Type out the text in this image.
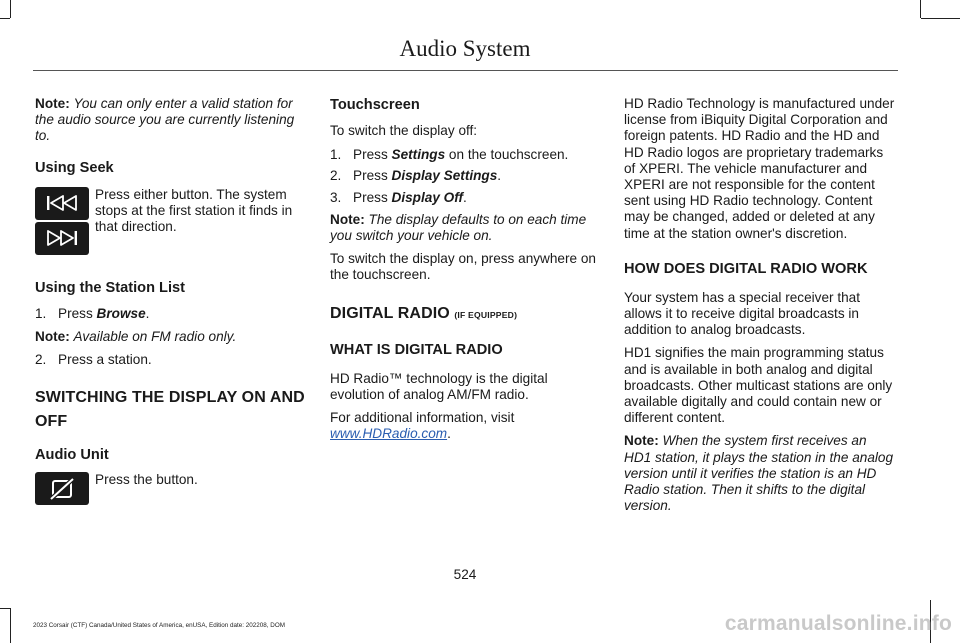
Audio System

Note: You can only enter a valid station for the audio source you are currently listening to.

Using Seek
Press either button. The system stops at the first station it finds in that direction.
Using the Station List
1. Press Browse.

Note: Available on FM radio only.

2. Press a station.
SWITCHING THE DISPLAY ON AND OFF
Audio Unit
Press the button.
Touchscreen

To switch the display off:

1. Press Settings on the touchscreen.
2. Press Display Settings.
3. Press Display Off.

Note: The display defaults to on each time you switch your vehicle on.

To switch the display on, press anywhere on the touchscreen.

DIGITAL RADIO (IF EQUIPPED)
WHAT IS DIGITAL RADIO

HD Radio™ technology is the digital evolution of analog AM/FM radio.

For additional information, visit www.HDRadio.com.

HD Radio Technology is manufactured under license from iBiquity Digital Corporation and foreign patents. HD Radio and the HD and HD Radio logos are proprietary trademarks of XPERI. The vehicle manufacturer and XPERI are not responsible for the content sent using HD Radio technology. Content may be changed, added or deleted at any time at the station owner's discretion.

HOW DOES DIGITAL RADIO WORK

Your system has a special receiver that allows it to receive digital broadcasts in addition to analog broadcasts.

HD1 signifies the main programming status and is available in both analog and digital broadcasts. Other multicast stations are only available digitally and could contain new or different content.

Note: When the system first receives an HD1 station, it plays the station in the analog version until it verifies the station is an HD Radio station. Then it shifts to the digital version.

524
2023 Corsair (CTF) Canada/United States of America, enUSA, Edition date: 202208, DOM	carmanualsonline.info
